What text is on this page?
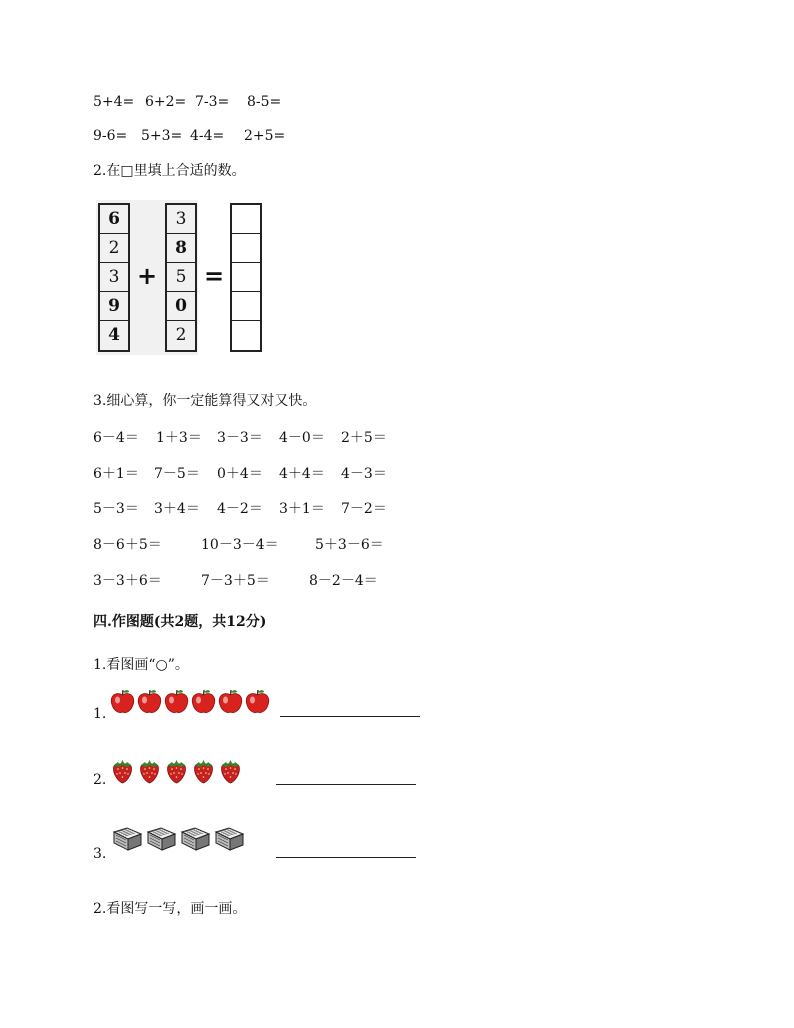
5+4= 6+2= 7-3= 8-5=
9-6= 5+3= 4-4= 2+5=
2.在□里填上合适的数。
6
2
3
9
4
+
3
8
5
0
2
=
3.细心算，你一定能算得又对又快。
6－4＝ 1＋3＝ 3－3＝ 4－0＝ 2＋5＝
6＋1＝ 7－5＝ 0＋4＝ 4＋4＝ 4－3＝
5－3＝ 3＋4＝ 4－2＝ 3＋1＝ 7－2＝
8－6＋5＝	10－3－4＝	5＋3－6＝
3－3＋6＝	7－3＋5＝	8－2－4＝
四.作图题(共2题，共12分)
1.看图画“○”。
1.
2.
3.
2.看图写一写，画一画。
